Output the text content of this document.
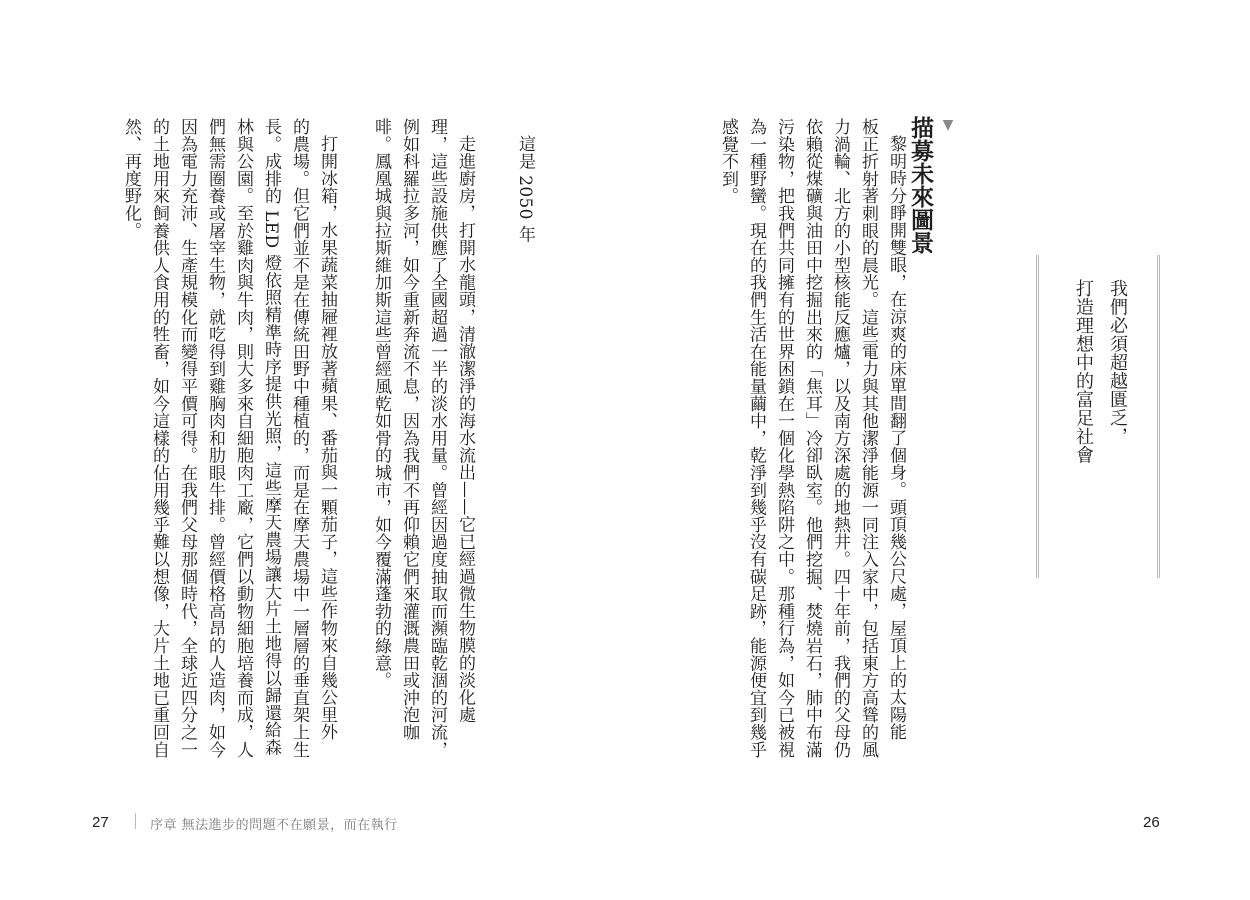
這是 2050 年
走進廚房，打開水龍頭，清澈潔淨的海水流出——它已經過微生物膜的淡化處
理，這些設施供應了全國超過一半的淡水用量。曾經因過度抽取而瀕臨乾涸的河流，
例如科羅拉多河，如今重新奔流不息，因為我們不再仰賴它們來灌溉農田或沖泡咖
啡。鳳凰城與拉斯維加斯這些曾經風乾如骨的城市，如今覆滿蓬勃的綠意。
打開冰箱，水果蔬菜抽屜裡放著蘋果、番茄與一顆茄子，這些作物來自幾公里外
的農場。但它們並不是在傳統田野中種植的，而是在摩天農場中一層層的垂直架上生
長。成排的 LED 燈依照精準時序提供光照，這些摩天農場讓大片土地得以歸還給森
林與公園。至於雞肉與牛肉，則大多來自細胞肉工廠，它們以動物細胞培養而成，人
們無需圈養或屠宰生物，就吃得到雞胸肉和肋眼牛排。曾經價格高昂的人造肉，如今
因為電力充沛、生產規模化而變得平價可得。在我們父母那個時代，全球近四分之一
的土地用來飼養供人食用的牲畜，如今這樣的佔用幾乎難以想像，大片土地已重回自
然、再度野化。
27	序章 無法進步的問題不在願景，而在執行
我們必須超越匱乏，
打造理想中的富足社會
▼
描募未來圖景
黎明時分睜開雙眼，在涼爽的床單間翻了個身。頭頂幾公尺處，屋頂上的太陽能
板正折射著刺眼的晨光。這些電力與其他潔淨能源一同注入家中，包括東方高聳的風
力渦輪、北方的小型核能反應爐，以及南方深處的地熱井。四十年前，我們的父母仍
依賴從煤礦與油田中挖掘出來的「焦耳」冷卻臥室。他們挖掘、焚燒岩石，肺中布滿
污染物，把我們共同擁有的世界困鎖在一個化學熱陷阱之中。那種行為，如今已被視
為一種野蠻。現在的我們生活在能量繭中，乾淨到幾乎沒有碳足跡，能源便宜到幾乎
感覺不到。
26
